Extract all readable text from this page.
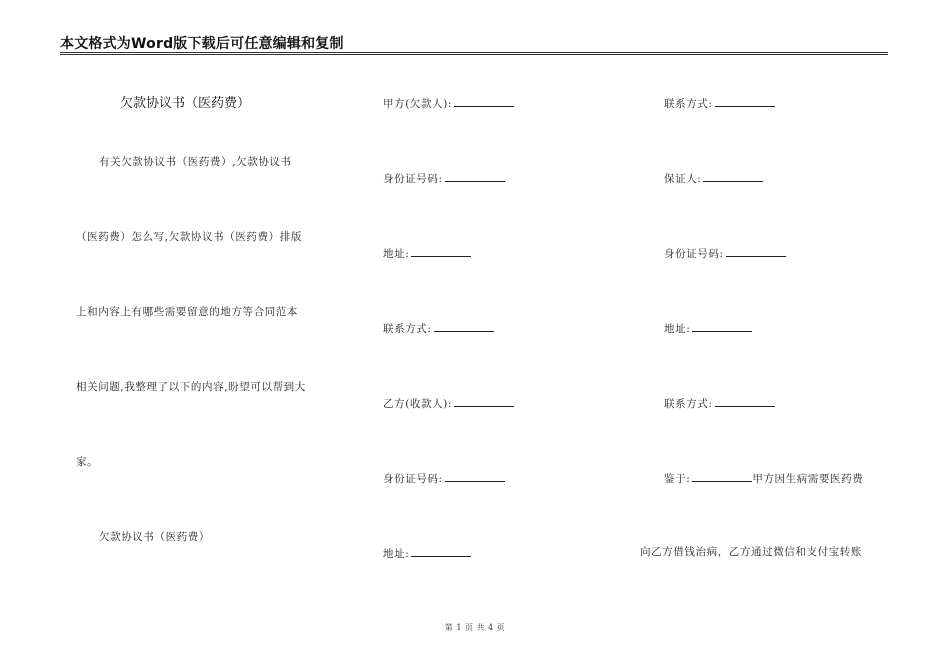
本文格式为Word版下载后可任意编辑和复制
欠款协议书（医药费）
有关欠款协议书（医药费）,欠款协议书
（医药费）怎么写,欠款协议书（医药费）排版
上和内容上有哪些需要留意的地方等合同范本
相关问题,我整理了以下的内容,盼望可以帮到大
家。
欠款协议书（医药费）
甲方(欠款人):
身份证号码:
地址:
联系方式:
乙方(收款人):
身份证号码:
地址:
联系方式:
保证人:
身份证号码:
地址:
联系方式:
鉴于:	甲方因生病需要医药费
向乙方借钱治病，乙方通过微信和支付宝转账
第 1 页 共 4 页
